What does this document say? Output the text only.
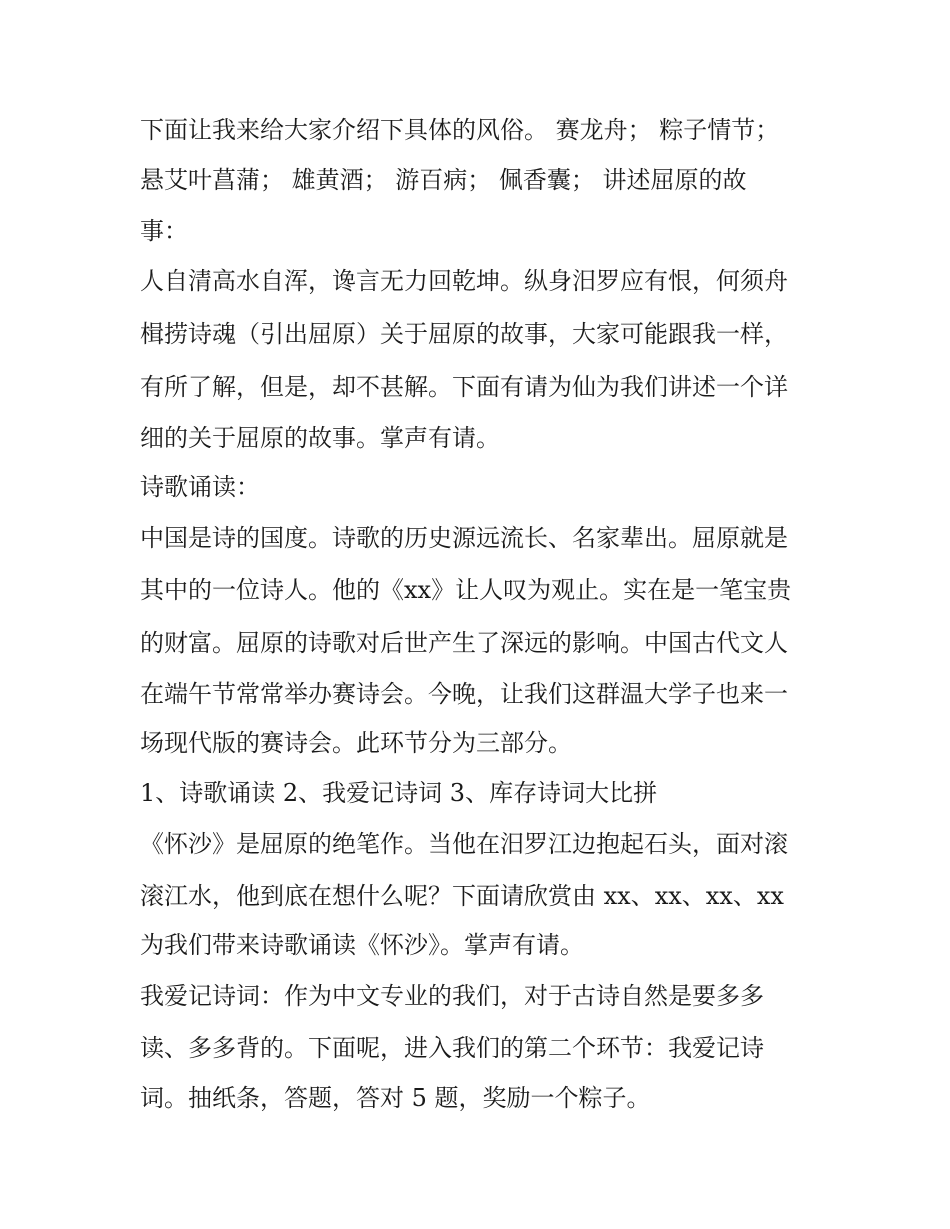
下面让我来给大家介绍下具体的风俗。 赛龙舟； 粽子情节；
悬艾叶菖蒲； 雄黄酒； 游百病； 佩香囊； 讲述屈原的故
事：
人自清高水自浑，谗言无力回乾坤。纵身汨罗应有恨，何须舟
楫捞诗魂（引出屈原）关于屈原的故事，大家可能跟我一样，
有所了解，但是，却不甚解。下面有请为仙为我们讲述一个详
细的关于屈原的故事。掌声有请。
诗歌诵读：
中国是诗的国度。诗歌的历史源远流长、名家辈出。屈原就是
其中的一位诗人。他的《xx》让人叹为观止。实在是一笔宝贵
的财富。屈原的诗歌对后世产生了深远的影响。中国古代文人
在端午节常常举办赛诗会。今晚，让我们这群温大学子也来一
场现代版的赛诗会。此环节分为三部分。
1、诗歌诵读 2、我爱记诗词 3、库存诗词大比拼
《怀沙》是屈原的绝笔作。当他在汨罗江边抱起石头，面对滚
滚江水，他到底在想什么呢？下面请欣赏由 xx、xx、xx、xx
为我们带来诗歌诵读《怀沙》。掌声有请。
我爱记诗词：作为中文专业的我们，对于古诗自然是要多多
读、多多背的。下面呢，进入我们的第二个环节：我爱记诗
词。抽纸条，答题，答对 5 题，奖励一个粽子。
